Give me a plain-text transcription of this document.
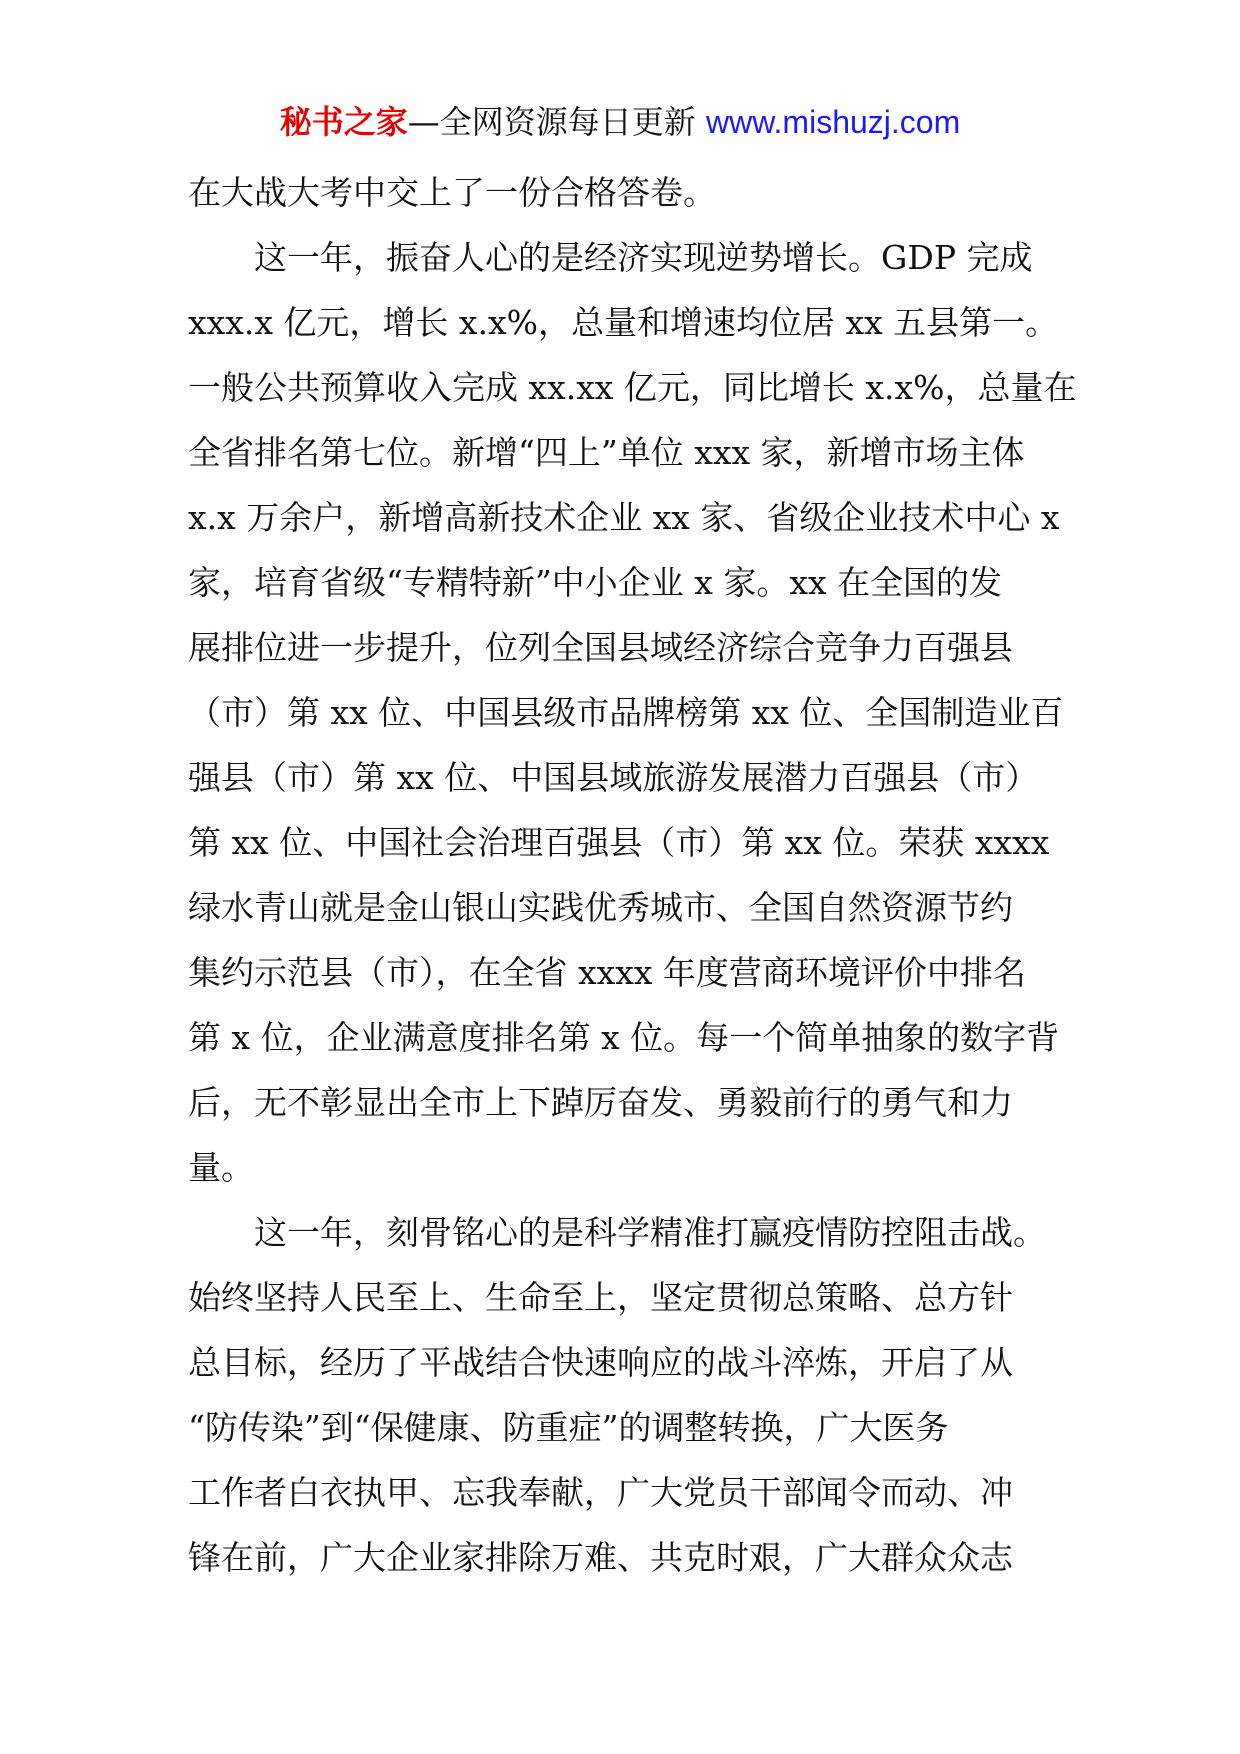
秘书之家—全网资源每日更新 www.mishuzj.com
在大战大考中交上了一份合格答卷。
这一年，振奋人心的是经济实现逆势增长。GDP 完成
xxx.x 亿元，增长 x.x%，总量和增速均位居 xx 五县第一。
一般公共预算收入完成 xx.xx 亿元，同比增长 x.x%，总量在
全省排名第七位。新增“四上”单位 xxx 家，新增市场主体
x.x 万余户，新增高新技术企业 xx 家、省级企业技术中心 x
家，培育省级“专精特新”中小企业 x 家。xx 在全国的发
展排位进一步提升，位列全国县域经济综合竞争力百强县
（市）第 xx 位、中国县级市品牌榜第 xx 位、全国制造业百
强县（市）第 xx 位、中国县域旅游发展潜力百强县（市）
第 xx 位、中国社会治理百强县（市）第 xx 位。荣获 xxxx
绿水青山就是金山银山实践优秀城市、全国自然资源节约
集约示范县（市），在全省 xxxx 年度营商环境评价中排名
第 x 位，企业满意度排名第 x 位。每一个简单抽象的数字背
后，无不彰显出全市上下踔厉奋发、勇毅前行的勇气和力
量。
这一年，刻骨铭心的是科学精准打赢疫情防控阻击战。
始终坚持人民至上、生命至上，坚定贯彻总策略、总方针
总目标，经历了平战结合快速响应的战斗淬炼，开启了从
“防传染”到“保健康、防重症”的调整转换，广大医务
工作者白衣执甲、忘我奉献，广大党员干部闻令而动、冲
锋在前，广大企业家排除万难、共克时艰，广大群众众志
